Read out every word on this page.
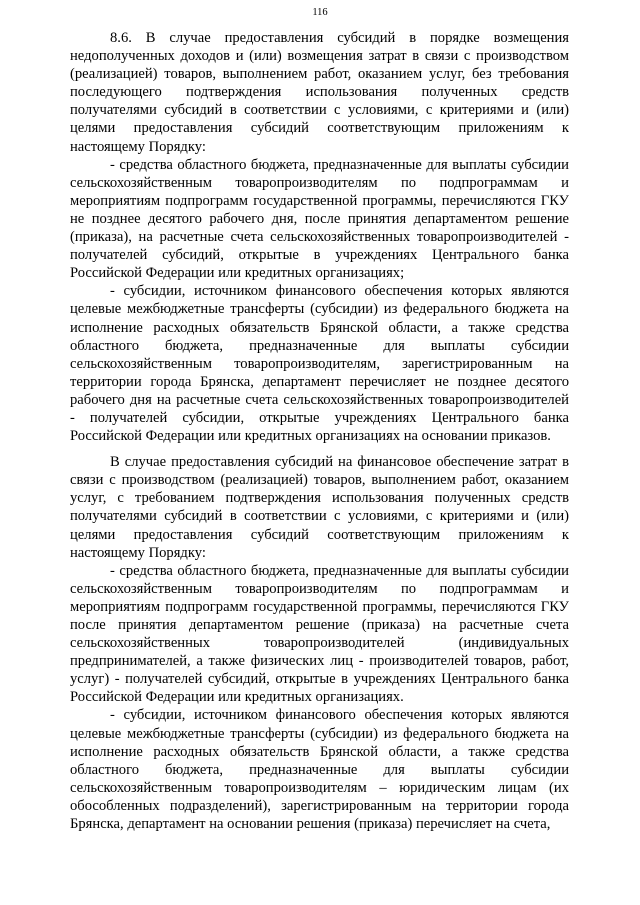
116

8.6. В случае предоставления субсидий в порядке возмещения недополученных доходов и (или) возмещения затрат в связи с производством (реализацией) товаров, выполнением работ, оказанием услуг, без требования последующего подтверждения использования полученных средств получателями субсидий в соответствии с условиями, с критериями и (или) целями предоставления субсидий соответствующим приложениям к настоящему Порядку:

- средства областного бюджета, предназначенные для выплаты субсидии сельскохозяйственным товаропроизводителям по подпрограммам и мероприятиям подпрограмм государственной программы, перечисляются ГКУ не позднее десятого рабочего дня, после принятия департаментом решение (приказа), на расчетные счета сельскохозяйственных товаропроизводителей - получателей субсидий, открытые в учреждениях Центрального банка Российской Федерации или кредитных организациях;

- субсидии, источником финансового обеспечения которых являются целевые межбюджетные трансферты (субсидии) из федерального бюджета на исполнение расходных обязательств Брянской области, а также средства областного бюджета, предназначенные для выплаты субсидии сельскохозяйственным товаропроизводителям, зарегистрированным на территории города Брянска, департамент перечисляет не позднее десятого рабочего дня на расчетные счета сельскохозяйственных товаропроизводителей - получателей субсидии, открытые учреждениях Центрального банка Российской Федерации или кредитных организациях на основании приказов.

В случае предоставления субсидий на финансовое обеспечение затрат в связи с производством (реализацией) товаров, выполнением работ, оказанием услуг, с требованием подтверждения использования полученных средств получателями субсидий в соответствии с условиями, с критериями и (или) целями предоставления субсидий соответствующим приложениям к настоящему Порядку:

- средства областного бюджета, предназначенные для выплаты субсидии сельскохозяйственным товаропроизводителям по подпрограммам и мероприятиям подпрограмм государственной программы, перечисляются ГКУ после принятия департаментом решение (приказа) на расчетные счета сельскохозяйственных товаропроизводителей (индивидуальных предпринимателей, а также физических лиц - производителей товаров, работ, услуг) - получателей субсидий, открытые в учреждениях Центрального банка Российской Федерации или кредитных организациях.

- субсидии, источником финансового обеспечения которых являются целевые межбюджетные трансферты (субсидии) из федерального бюджета на исполнение расходных обязательств Брянской области, а также средства областного бюджета, предназначенные для выплаты субсидии сельскохозяйственным товаропроизводителям – юридическим лицам (их обособленных подразделений), зарегистрированным на территории города Брянска, департамент на основании решения (приказа) перечисляет на счета,
